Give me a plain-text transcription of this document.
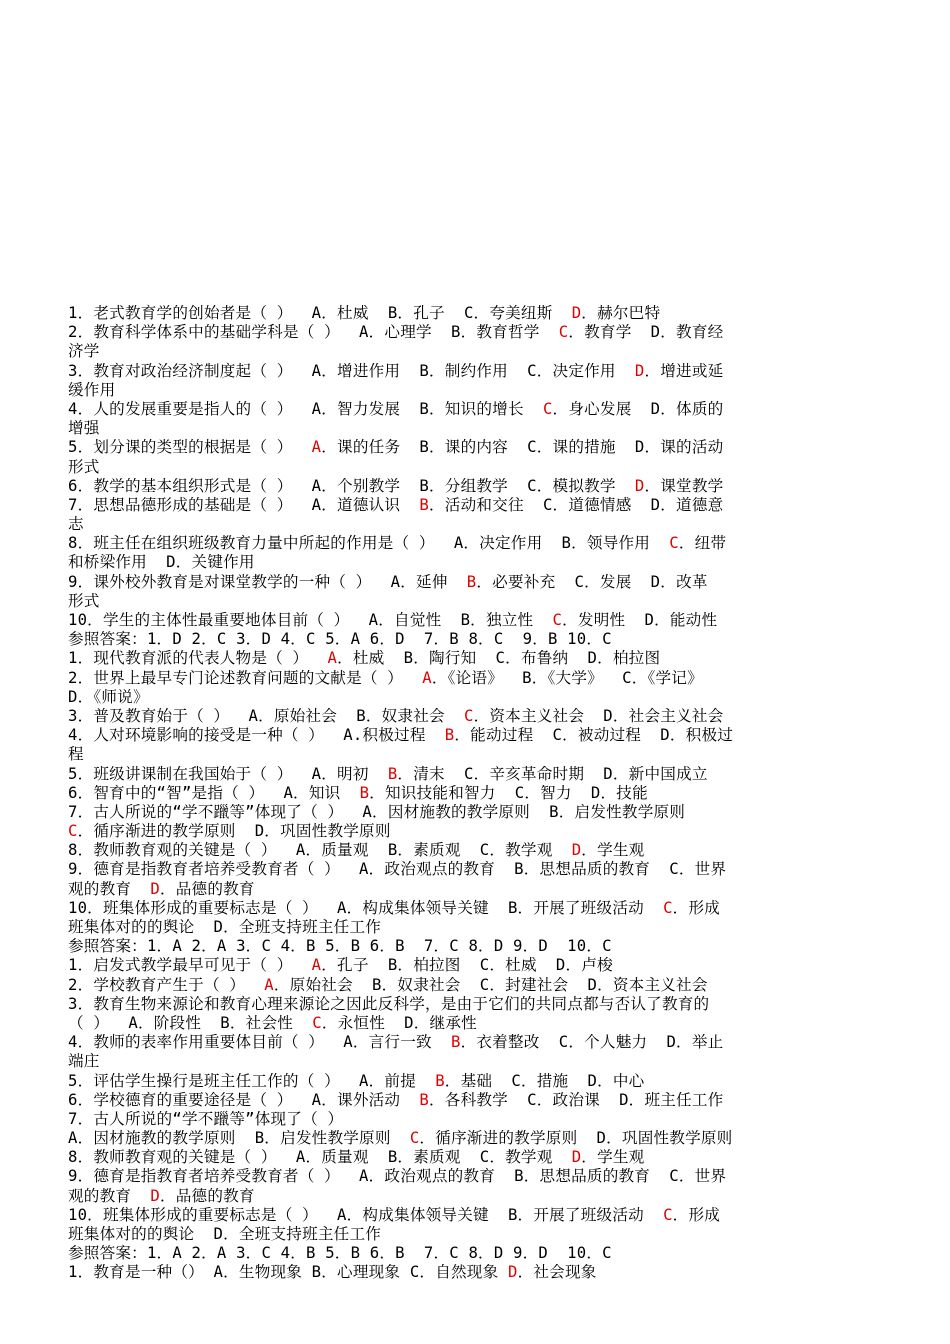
1．老式教育学的创始者是（ ）  A．杜威  B．孔子  C．夸美纽斯  D．赫尔巴特
2．教育科学体系中的基础学科是（ ）  A．心理学  B．教育哲学  C．教育学  D．教育经
济学
3．教育对政治经济制度起（ ）  A．增进作用  B．制约作用  C．决定作用  D．增进或延
缓作用
4．人的发展重要是指人的（ ）  A．智力发展  B．知识的增长  C．身心发展  D．体质的
增强
5．划分课的类型的根据是（ ）  A．课的任务  B．课的内容  C．课的措施  D．课的活动
形式
6．教学的基本组织形式是（ ）  A．个别教学  B．分组教学  C．模拟教学  D．课堂教学
7．思想品德形成的基础是（ ）  A．道德认识  B．活动和交往  C．道德情感  D．道德意
志
8．班主任在组织班级教育力量中所起的作用是（ ）  A．决定作用  B．领导作用  C．纽带
和桥梁作用  D．关键作用
9．课外校外教育是对课堂教学的一种（ ）  A．延伸  B．必要补充  C．发展  D．改革
形式
10．学生的主体性最重要地体目前（ ）  A．自觉性  B．独立性  C．发明性  D．能动性
参照答案：1．D 2．C 3．D 4．C 5．A 6．D  7．B 8．C  9．B 10．C
1．现代教育派的代表人物是（ ）  A．杜威  B．陶行知  C．布鲁纳  D．柏拉图
2．世界上最早专门论述教育问题的文献是（ ）  A．《论语》  B．《大学》  C．《学记》
D．《师说》
3．普及教育始于（ ）  A．原始社会  B．奴隶社会  C．资本主义社会  D．社会主义社会
4．人对环境影响的接受是一种（ ）  A.积极过程  B．能动过程  C．被动过程  D．积极过
程
5．班级讲课制在我国始于（ ）  A．明初  B．清末  C．辛亥革命时期  D．新中国成立
6．智育中的“智”是指（ ）  A．知识  B．知识技能和智力  C．智力  D．技能
7．古人所说的“学不躐等”体现了（ ）  A．因材施教的教学原则  B．启发性教学原则
C．循序渐进的教学原则  D．巩固性教学原则
8．教师教育观的关键是（ ）  A．质量观  B．素质观  C．教学观  D．学生观
9．德育是指教育者培养受教育者（ ）  A．政治观点的教育  B．思想品质的教育  C．世界
观的教育  D．品德的教育
10．班集体形成的重要标志是（ ）  A．构成集体领导关键  B．开展了班级活动  C．形成
班集体对的的舆论  D．全班支持班主任工作
参照答案：1．A 2．A 3．C 4．B 5．B 6．B  7．C 8．D 9．D  10．C
1．启发式教学最早可见于（ ）  A．孔子  B．柏拉图  C．杜威  D．卢梭
2．学校教育产生于（ ）  A．原始社会  B．奴隶社会  C．封建社会  D．资本主义社会
3．教育生物来源论和教育心理来源论之因此反科学，是由于它们的共同点都与否认了教育的
（ ）  A．阶段性  B．社会性  C．永恒性  D．继承性
4．教师的表率作用重要体目前（ ）  A．言行一致  B．衣着整改  C．个人魅力  D．举止
端庄
5．评估学生操行是班主任工作的（ ）  A．前提  B．基础  C．措施  D．中心
6．学校德育的重要途径是（ ）  A．课外活动  B．各科教学  C．政治课  D．班主任工作
7．古人所说的“学不躐等”体现了（ ）
A．因材施教的教学原则  B．启发性教学原则  C．循序渐进的教学原则  D．巩固性教学原则
8．教师教育观的关键是（ ）  A．质量观  B．素质观  C．教学观  D．学生观
9．德育是指教育者培养受教育者（ ）  A．政治观点的教育  B．思想品质的教育  C．世界
观的教育  D．品德的教育
10．班集体形成的重要标志是（ ）  A．构成集体领导关键  B．开展了班级活动  C．形成
班集体对的的舆论  D．全班支持班主任工作
参照答案：1．A 2．A 3．C 4．B 5．B 6．B  7．C 8．D 9．D  10．C
1．教育是一种（） A．生物现象 B．心理现象 C．自然现象 D．社会现象
